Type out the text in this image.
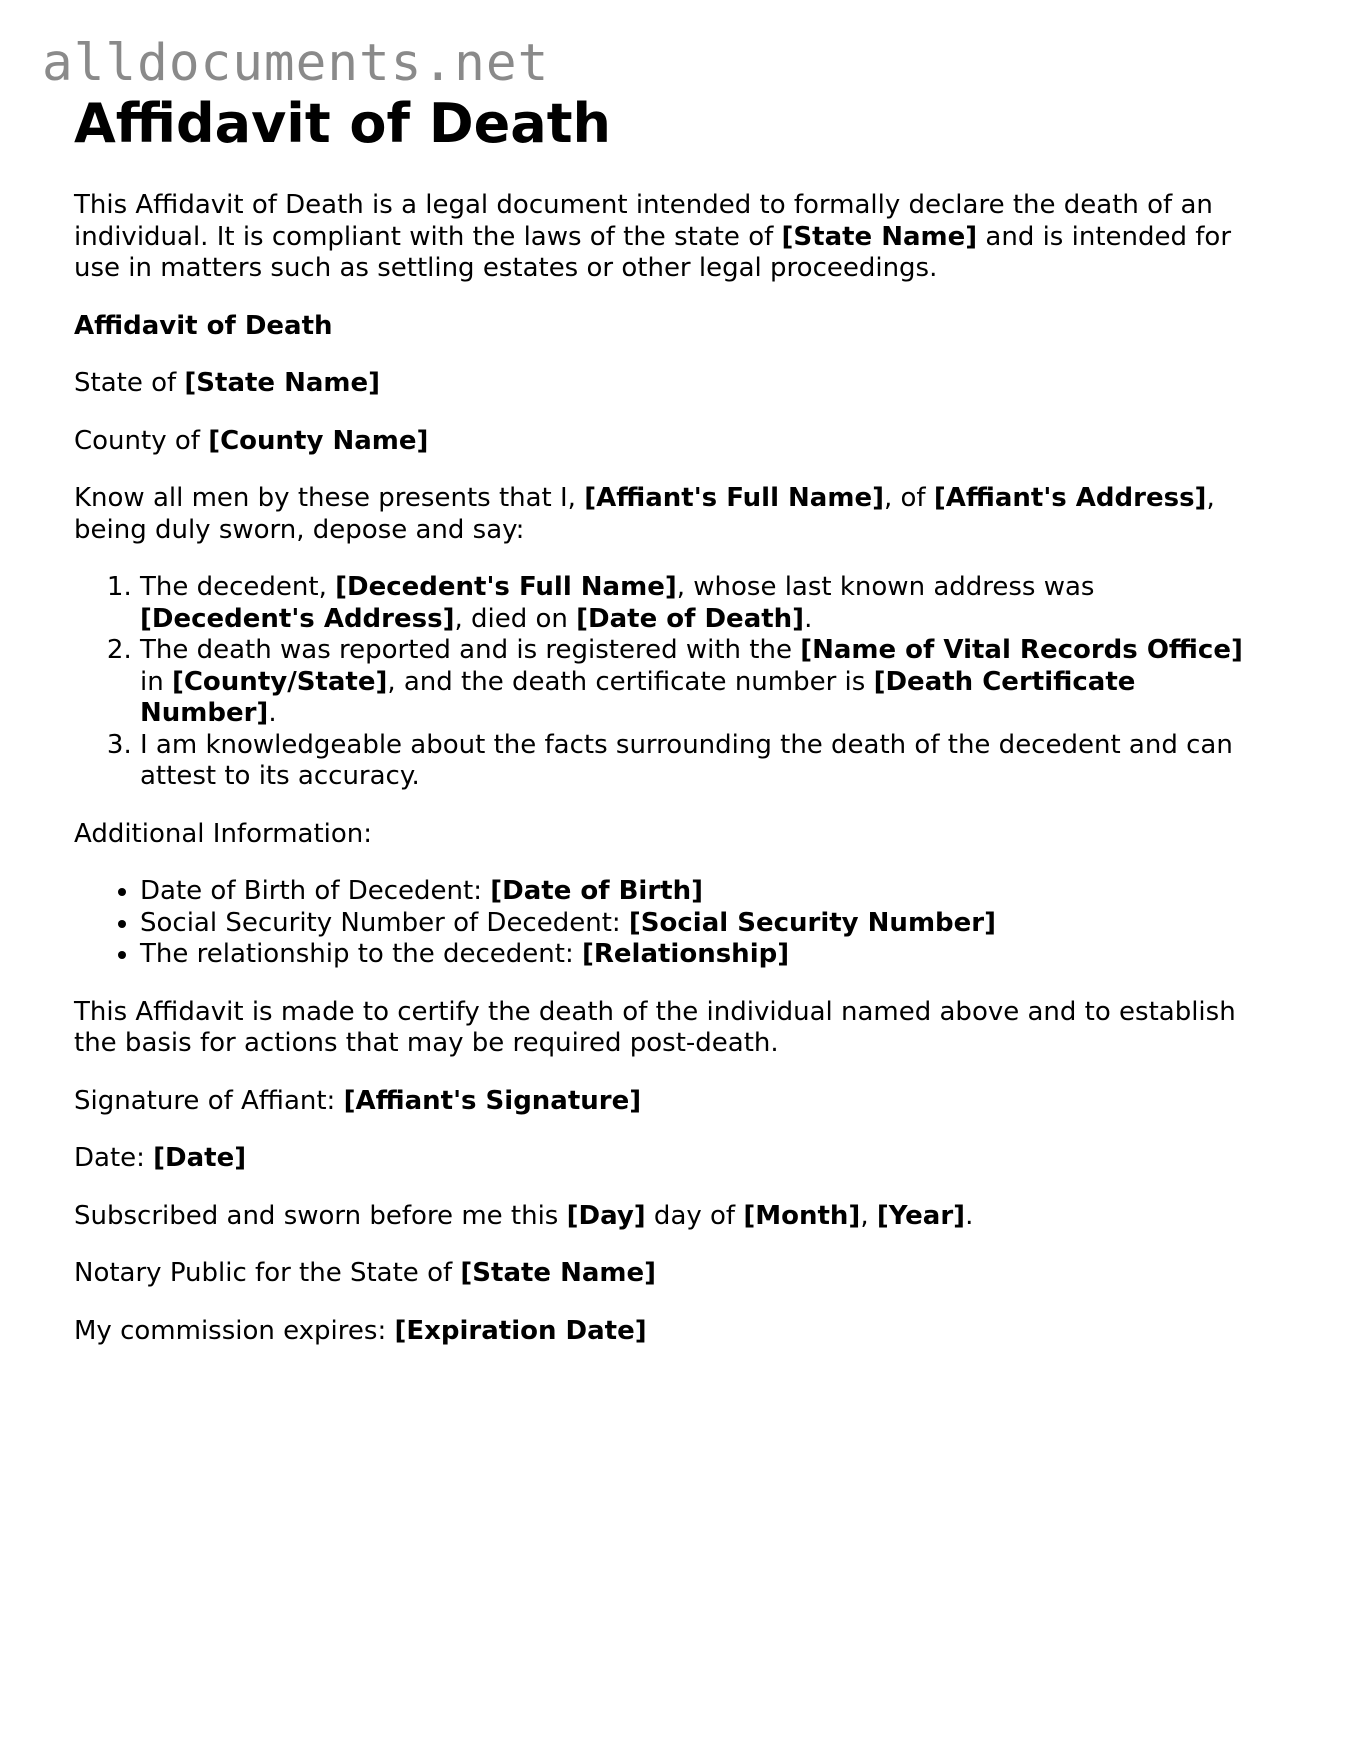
alldocuments.net
Affidavit of Death

This Affidavit of Death is a legal document intended to formally declare the death of an individual. It is compliant with the laws of the state of [State Name] and is intended for use in matters such as settling estates or other legal proceedings.

Affidavit of Death

State of [State Name]

County of [County Name]

Know all men by these presents that I, [Affiant's Full Name], of [Affiant's Address], being duly sworn, depose and say:

1. The decedent, [Decedent's Full Name], whose last known address was [Decedent's Address], died on [Date of Death].
2. The death was reported and is registered with the [Name of Vital Records Office] in [County/State], and the death certificate number is [Death Certificate Number].
3. I am knowledgeable about the facts surrounding the death of the decedent and can attest to its accuracy.

Additional Information:

• Date of Birth of Decedent: [Date of Birth]
• Social Security Number of Decedent: [Social Security Number]
• The relationship to the decedent: [Relationship]

This Affidavit is made to certify the death of the individual named above and to establish the basis for actions that may be required post-death.

Signature of Affiant: [Affiant's Signature]

Date: [Date]

Subscribed and sworn before me this [Day] day of [Month], [Year].

Notary Public for the State of [State Name]

My commission expires: [Expiration Date]
